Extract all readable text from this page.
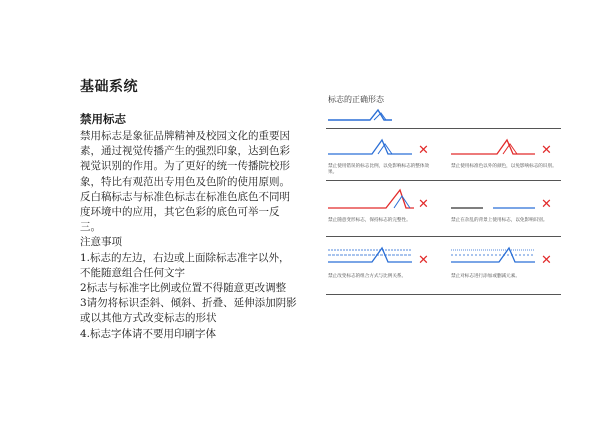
基础系统
禁用标志

禁用标志是象征品牌精神及校园文化的重要因素，通过视觉传播产生的强烈印象，达到色彩视觉识别的作用。为了更好的统一传播院校形象，特比有观范出专用色及色阶的使用原则。反白稿标志与标准色标志在标准色底色不同明度环境中的应用，其它色彩的底色可举一反三。

注意事项

1.标志的左边，右边或上面除标志准字以外，不能随意组合任何文字
2标志与标准字比例或位置不得随意更改调整
3请勿将标识歪斜、倾斜、折叠、延伸添加阴影或以其他方式改变标志的形状
4.标志字体请不要用印刷字体
标志的正确形态
✕
禁止使用错误的标志比例，以免影响标志的整体效果。
✕
禁止使用标准色以外的颜色，以免影响标志的识别。
✕
禁止随意变形标志，保持标志的完整性。
✕
禁止在杂乱的背景上使用标志，以免影响识别。
✕
禁止改变标志的组合方式与比例关系。
✕
禁止对标志进行添加或删减元素。
